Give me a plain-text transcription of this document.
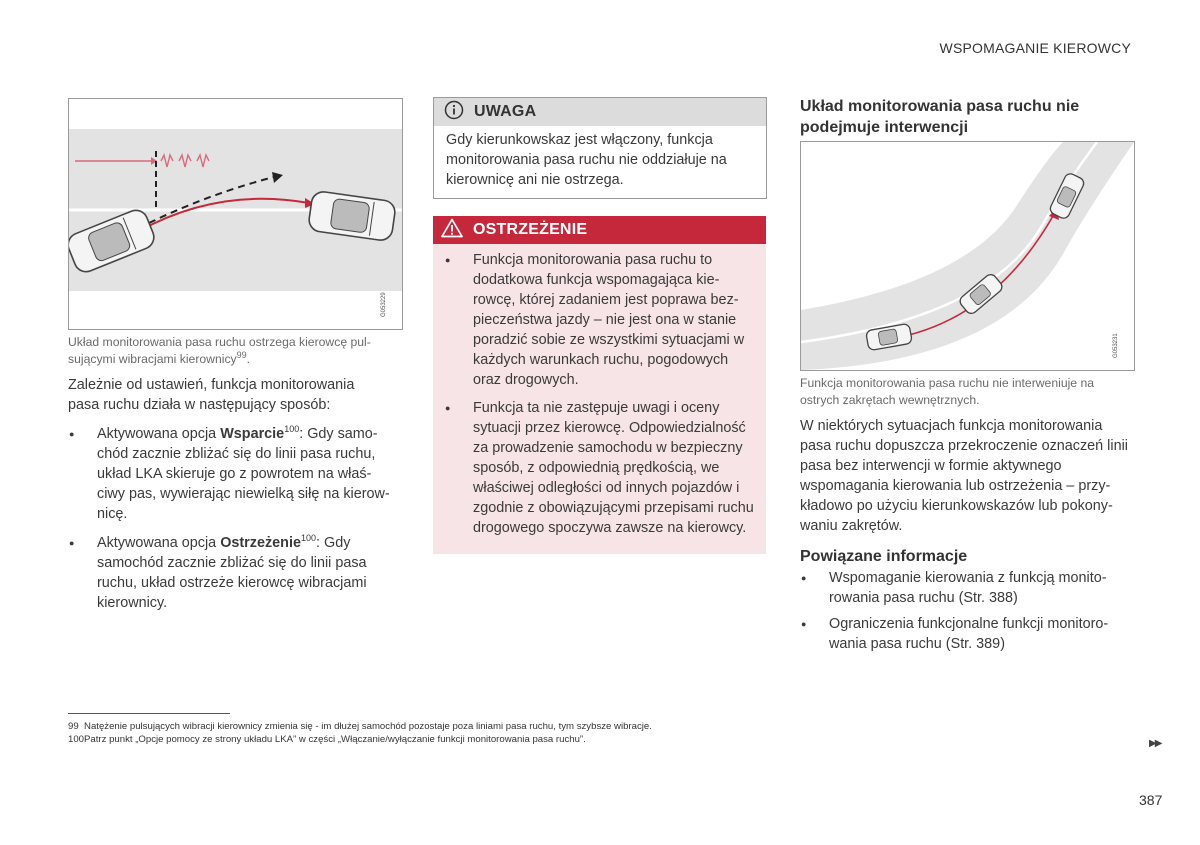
WSPOMAGANIE KIEROWCY
G053229
Układ monitorowania pasa ruchu ostrzega kierowcę pul-sującymi wibracjami kierownicy$^{99}$.
Zależnie od ustawień, funkcja monitorowania pasa ruchu działa w następujący sposób:
● Aktywowana opcja Wsparcie$^{100}$: Gdy samo-chód zacznie zbliżać się do linii pasa ruchu, układ LKA skieruje go z powrotem na właś-ciwy pas, wywierając niewielką siłę na kierow-nicę.
● Aktywowana opcja Ostrzeżenie$^{100}$: Gdy samochód zacznie zbliżać się do linii pasa ruchu, układ ostrzeże kierowcę wibracjami kierownicy.
UWAGA
Gdy kierunkowskaz jest włączony, funkcja monitorowania pasa ruchu nie oddziałuje na kierownicę ani nie ostrzega.
OSTRZEŻENIE
● Funkcja monitorowania pasa ruchu to dodatkowa funkcja wspomagająca kie-rowcę, której zadaniem jest poprawa bez-pieczeństwa jazdy – nie jest ona w stanie poradzić sobie ze wszystkimi sytuacjami w każdych warunkach ruchu, pogodowych oraz drogowych.
● Funkcja ta nie zastępuje uwagi i oceny sytuacji przez kierowcę. Odpowiedzialność za prowadzenie samochodu w bezpieczny sposób, z odpowiednią prędkością, we właściwej odległości od innych pojazdów i zgodnie z obowiązującymi przepisami ruchu drogowego spoczywa zawsze na kierowcy.
Układ monitorowania pasa ruchu nie podejmuje interwencji
G053231
Funkcja monitorowania pasa ruchu nie interweniuje na ostrych zakrętach wewnętrznych.
W niektórych sytuacjach funkcja monitorowania pasa ruchu dopuszcza przekroczenie oznaczeń linii pasa bez interwencji w formie aktywnego wspomagania kierowania lub ostrzeżenia – przy-kładowo po użyciu kierunkowskazów lub pokony-waniu zakrętów.
Powiązane informacje
● Wspomaganie kierowania z funkcją monito-rowania pasa ruchu (Str. 388)
● Ograniczenia funkcjonalne funkcji monitoro-wania pasa ruchu (Str. 389)
99 Natężenie pulsujących wibracji kierownicy zmienia się - im dłużej samochód pozostaje poza liniami pasa ruchu, tym szybsze wibracje.
100Patrz punkt „Opcje pomocy ze strony układu LKA” w części „Włączanie/wyłączanie funkcji monitorowania pasa ruchu”.	▶▶
387
